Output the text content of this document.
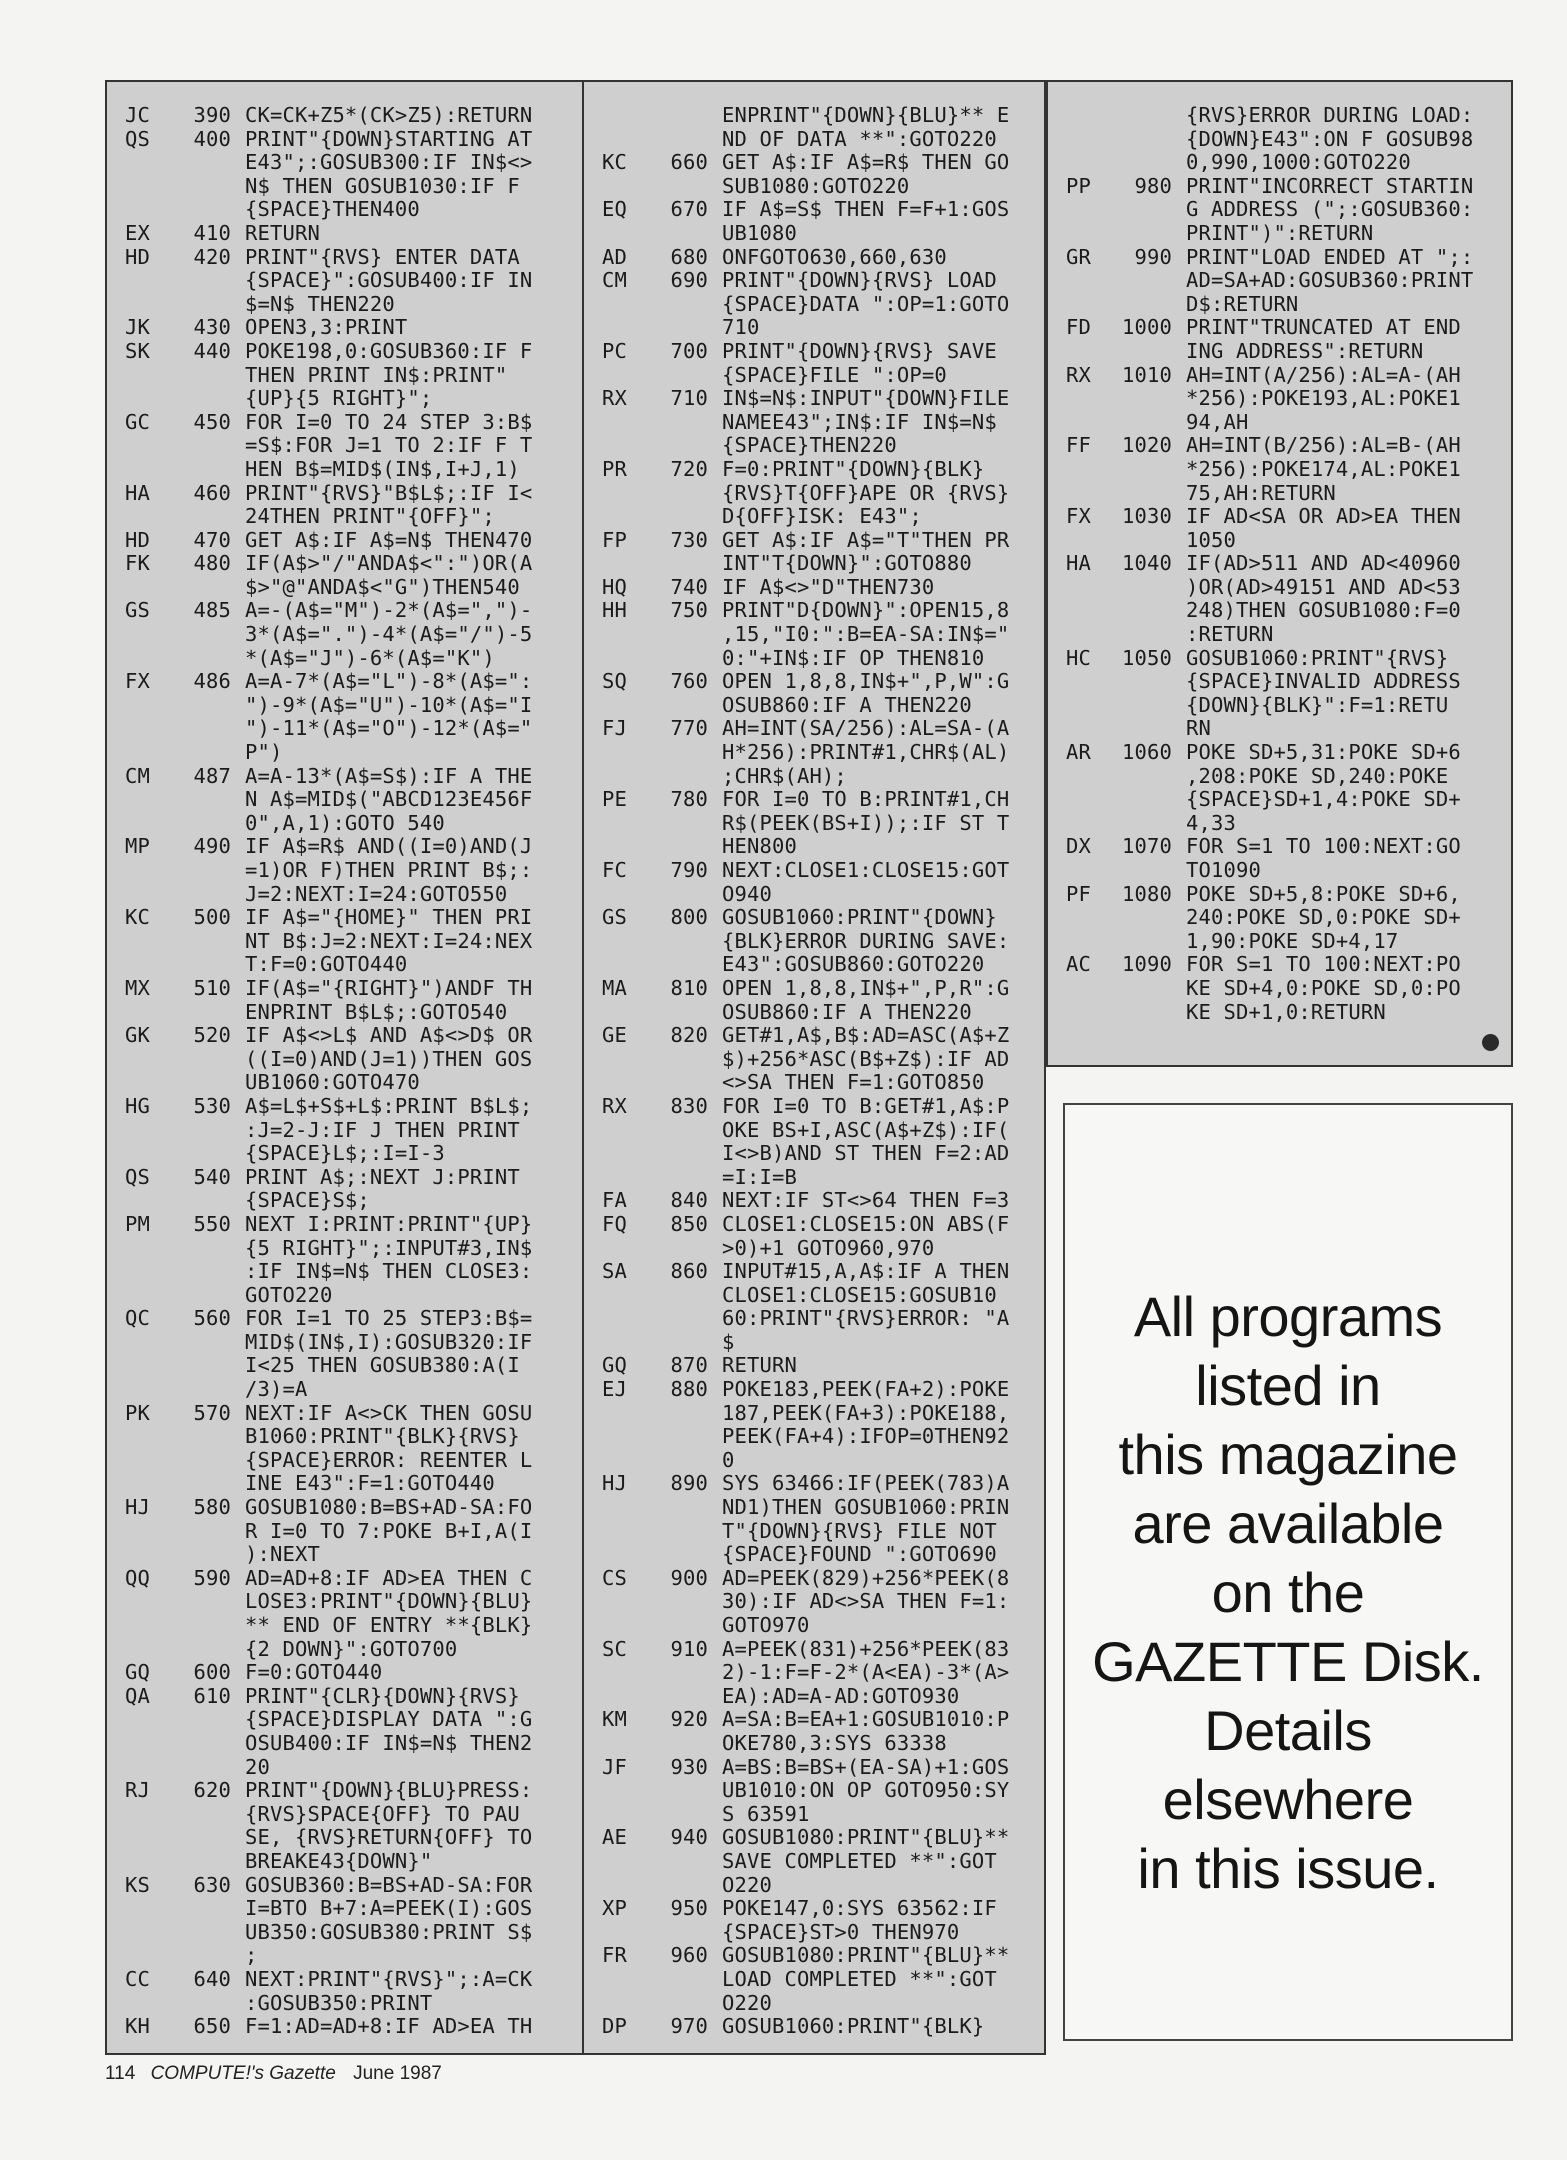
JC 390 CK=CK+Z5*(CK>Z5):RETURN
QS 400 PRINT"{DOWN}STARTING AT
E43";:GOSUB300:IF IN$<>
N$ THEN GOSUB1030:IF F
{SPACE}THEN400
EX 410 RETURN
HD 420 PRINT"{RVS} ENTER DATA
{SPACE}":GOSUB400:IF IN
$=N$ THEN220
JK 430 OPEN3,3:PRINT
SK 440 POKE198,0:GOSUB360:IF F
THEN PRINT IN$:PRINT"
{UP}{5 RIGHT}";
GC 450 FOR I=0 TO 24 STEP 3:B$
=S$:FOR J=1 TO 2:IF F T
HEN B$=MID$(IN$,I+J,1)
HA 460 PRINT"{RVS}"B$L$;:IF I<
24THEN PRINT"{OFF}";
HD 470 GET A$:IF A$=N$ THEN470
FK 480 IF(A$>"/"ANDA$<":")OR(A
$>"@"ANDA$<"G")THEN540
GS 485 A=-(A$="M")-2*(A$=",")-
3*(A$=".")-4*(A$="/")-5
*(A$="J")-6*(A$="K")
FX 486 A=A-7*(A$="L")-8*(A$=":
")-9*(A$="U")-10*(A$="I
")-11*(A$="O")-12*(A$="
P")
CM 487 A=A-13*(A$=S$):IF A THE
N A$=MID$("ABCD123E456F
0",A,1):GOTO 540
MP 490 IF A$=R$ AND((I=0)AND(J
=1)OR F)THEN PRINT B$;:
J=2:NEXT:I=24:GOTO550
KC 500 IF A$="{HOME}" THEN PRI
NT B$:J=2:NEXT:I=24:NEX
T:F=0:GOTO440
MX 510 IF(A$="{RIGHT}")ANDF TH
ENPRINT B$L$;:GOTO540
GK 520 IF A$<>L$ AND A$<>D$ OR
((I=0)AND(J=1))THEN GOS
UB1060:GOTO470
HG 530 A$=L$+S$+L$:PRINT B$L$;
:J=2-J:IF J THEN PRINT
{SPACE}L$;:I=I-3
QS 540 PRINT A$;:NEXT J:PRINT
{SPACE}S$;
PM 550 NEXT I:PRINT:PRINT"{UP}
{5 RIGHT}";:INPUT#3,IN$
:IF IN$=N$ THEN CLOSE3:
GOTO220
QC 560 FOR I=1 TO 25 STEP3:B$=
MID$(IN$,I):GOSUB320:IF
I<25 THEN GOSUB380:A(I
/3)=A
PK 570 NEXT:IF A<>CK THEN GOSU
B1060:PRINT"{BLK}{RVS}
{SPACE}ERROR: REENTER L
INE E43":F=1:GOTO440
HJ 580 GOSUB1080:B=BS+AD-SA:FO
R I=0 TO 7:POKE B+I,A(I
):NEXT
QQ 590 AD=AD+8:IF AD>EA THEN C
LOSE3:PRINT"{DOWN}{BLU}
** END OF ENTRY **{BLK}
{2 DOWN}":GOTO700
GQ 600 F=0:GOTO440
QA 610 PRINT"{CLR}{DOWN}{RVS}
{SPACE}DISPLAY DATA ":G
OSUB400:IF IN$=N$ THEN2
20
RJ 620 PRINT"{DOWN}{BLU}PRESS:
{RVS}SPACE{OFF} TO PAU
SE, {RVS}RETURN{OFF} TO
BREAKE43{DOWN}"
KS 630 GOSUB360:B=BS+AD-SA:FOR
I=BTO B+7:A=PEEK(I):GOS
UB350:GOSUB380:PRINT S$
;
CC 640 NEXT:PRINT"{RVS}";:A=CK
:GOSUB350:PRINT
KH 650 F=1:AD=AD+8:IF AD>EA TH
ENPRINT"{DOWN}{BLU}** E
ND OF DATA **":GOTO220
KC 660 GET A$:IF A$=R$ THEN GO
SUB1080:GOTO220
EQ 670 IF A$=S$ THEN F=F+1:GOS
UB1080
AD 680 ONFGOTO630,660,630
CM 690 PRINT"{DOWN}{RVS} LOAD
{SPACE}DATA ":OP=1:GOTO
710
PC 700 PRINT"{DOWN}{RVS} SAVE
{SPACE}FILE ":OP=0
RX 710 IN$=N$:INPUT"{DOWN}FILE
NAMEE43";IN$:IF IN$=N$
{SPACE}THEN220
PR 720 F=0:PRINT"{DOWN}{BLK}
{RVS}T{OFF}APE OR {RVS}
D{OFF}ISK: E43";
FP 730 GET A$:IF A$="T"THEN PR
INT"T{DOWN}":GOTO880
HQ 740 IF A$<>"D"THEN730
HH 750 PRINT"D{DOWN}":OPEN15,8
,15,"I0:":B=EA-SA:IN$="
0:"+IN$:IF OP THEN810
SQ 760 OPEN 1,8,8,IN$+",P,W":G
OSUB860:IF A THEN220
FJ 770 AH=INT(SA/256):AL=SA-(A
H*256):PRINT#1,CHR$(AL)
;CHR$(AH);
PE 780 FOR I=0 TO B:PRINT#1,CH
R$(PEEK(BS+I));:IF ST T
HEN800
FC 790 NEXT:CLOSE1:CLOSE15:GOT
O940
GS 800 GOSUB1060:PRINT"{DOWN}
{BLK}ERROR DURING SAVE:
E43":GOSUB860:GOTO220
MA 810 OPEN 1,8,8,IN$+",P,R":G
OSUB860:IF A THEN220
GE 820 GET#1,A$,B$:AD=ASC(A$+Z
$)+256*ASC(B$+Z$):IF AD
<>SA THEN F=1:GOTO850
RX 830 FOR I=0 TO B:GET#1,A$:P
OKE BS+I,ASC(A$+Z$):IF(
I<>B)AND ST THEN F=2:AD
=I:I=B
FA 840 NEXT:IF ST<>64 THEN F=3
FQ 850 CLOSE1:CLOSE15:ON ABS(F
>0)+1 GOTO960,970
SA 860 INPUT#15,A,A$:IF A THEN
CLOSE1:CLOSE15:GOSUB10
60:PRINT"{RVS}ERROR: "A
$
GQ 870 RETURN
EJ 880 POKE183,PEEK(FA+2):POKE
187,PEEK(FA+3):POKE188,
PEEK(FA+4):IFOP=0THEN92
0
HJ 890 SYS 63466:IF(PEEK(783)A
ND1)THEN GOSUB1060:PRIN
T"{DOWN}{RVS} FILE NOT
{SPACE}FOUND ":GOTO690
CS 900 AD=PEEK(829)+256*PEEK(8
30):IF AD<>SA THEN F=1:
GOTO970
SC 910 A=PEEK(831)+256*PEEK(83
2)-1:F=F-2*(A<EA)-3*(A>
EA):AD=A-AD:GOTO930
KM 920 A=SA:B=EA+1:GOSUB1010:P
OKE780,3:SYS 63338
JF 930 A=BS:B=BS+(EA-SA)+1:GOS
UB1010:ON OP GOTO950:SY
S 63591
AE 940 GOSUB1080:PRINT"{BLU}**
SAVE COMPLETED **":GOT
O220
XP 950 POKE147,0:SYS 63562:IF
{SPACE}ST>0 THEN970
FR 960 GOSUB1080:PRINT"{BLU}**
LOAD COMPLETED **":GOT
O220
DP 970 GOSUB1060:PRINT"{BLK}
{RVS}ERROR DURING LOAD:
{DOWN}E43":ON F GOSUB98
0,990,1000:GOTO220
PP 980 PRINT"INCORRECT STARTIN
G ADDRESS (";:GOSUB360:
PRINT")":RETURN
GR 990 PRINT"LOAD ENDED AT ";:
AD=SA+AD:GOSUB360:PRINT
D$:RETURN
FD 1000 PRINT"TRUNCATED AT END
ING ADDRESS":RETURN
RX 1010 AH=INT(A/256):AL=A-(AH
*256):POKE193,AL:POKE1
94,AH
FF 1020 AH=INT(B/256):AL=B-(AH
*256):POKE174,AL:POKE1
75,AH:RETURN
FX 1030 IF AD<SA OR AD>EA THEN
1050
HA 1040 IF(AD>511 AND AD<40960
)OR(AD>49151 AND AD<53
248)THEN GOSUB1080:F=0
:RETURN
HC 1050 GOSUB1060:PRINT"{RVS}
{SPACE}INVALID ADDRESS
{DOWN}{BLK}":F=1:RETU
RN
AR 1060 POKE SD+5,31:POKE SD+6
,208:POKE SD,240:POKE
{SPACE}SD+1,4:POKE SD+
4,33
DX 1070 FOR S=1 TO 100:NEXT:GO
TO1090
PF 1080 POKE SD+5,8:POKE SD+6,
240:POKE SD,0:POKE SD+
1,90:POKE SD+4,17
AC 1090 FOR S=1 TO 100:NEXT:PO
KE SD+4,0:POKE SD,0:PO
KE SD+1,0:RETURN
All programs
listed in
this magazine
are available
on the
GAZETTE Disk.
Details
elsewhere
in this issue.
114 COMPUTE!'s Gazette June 1987
